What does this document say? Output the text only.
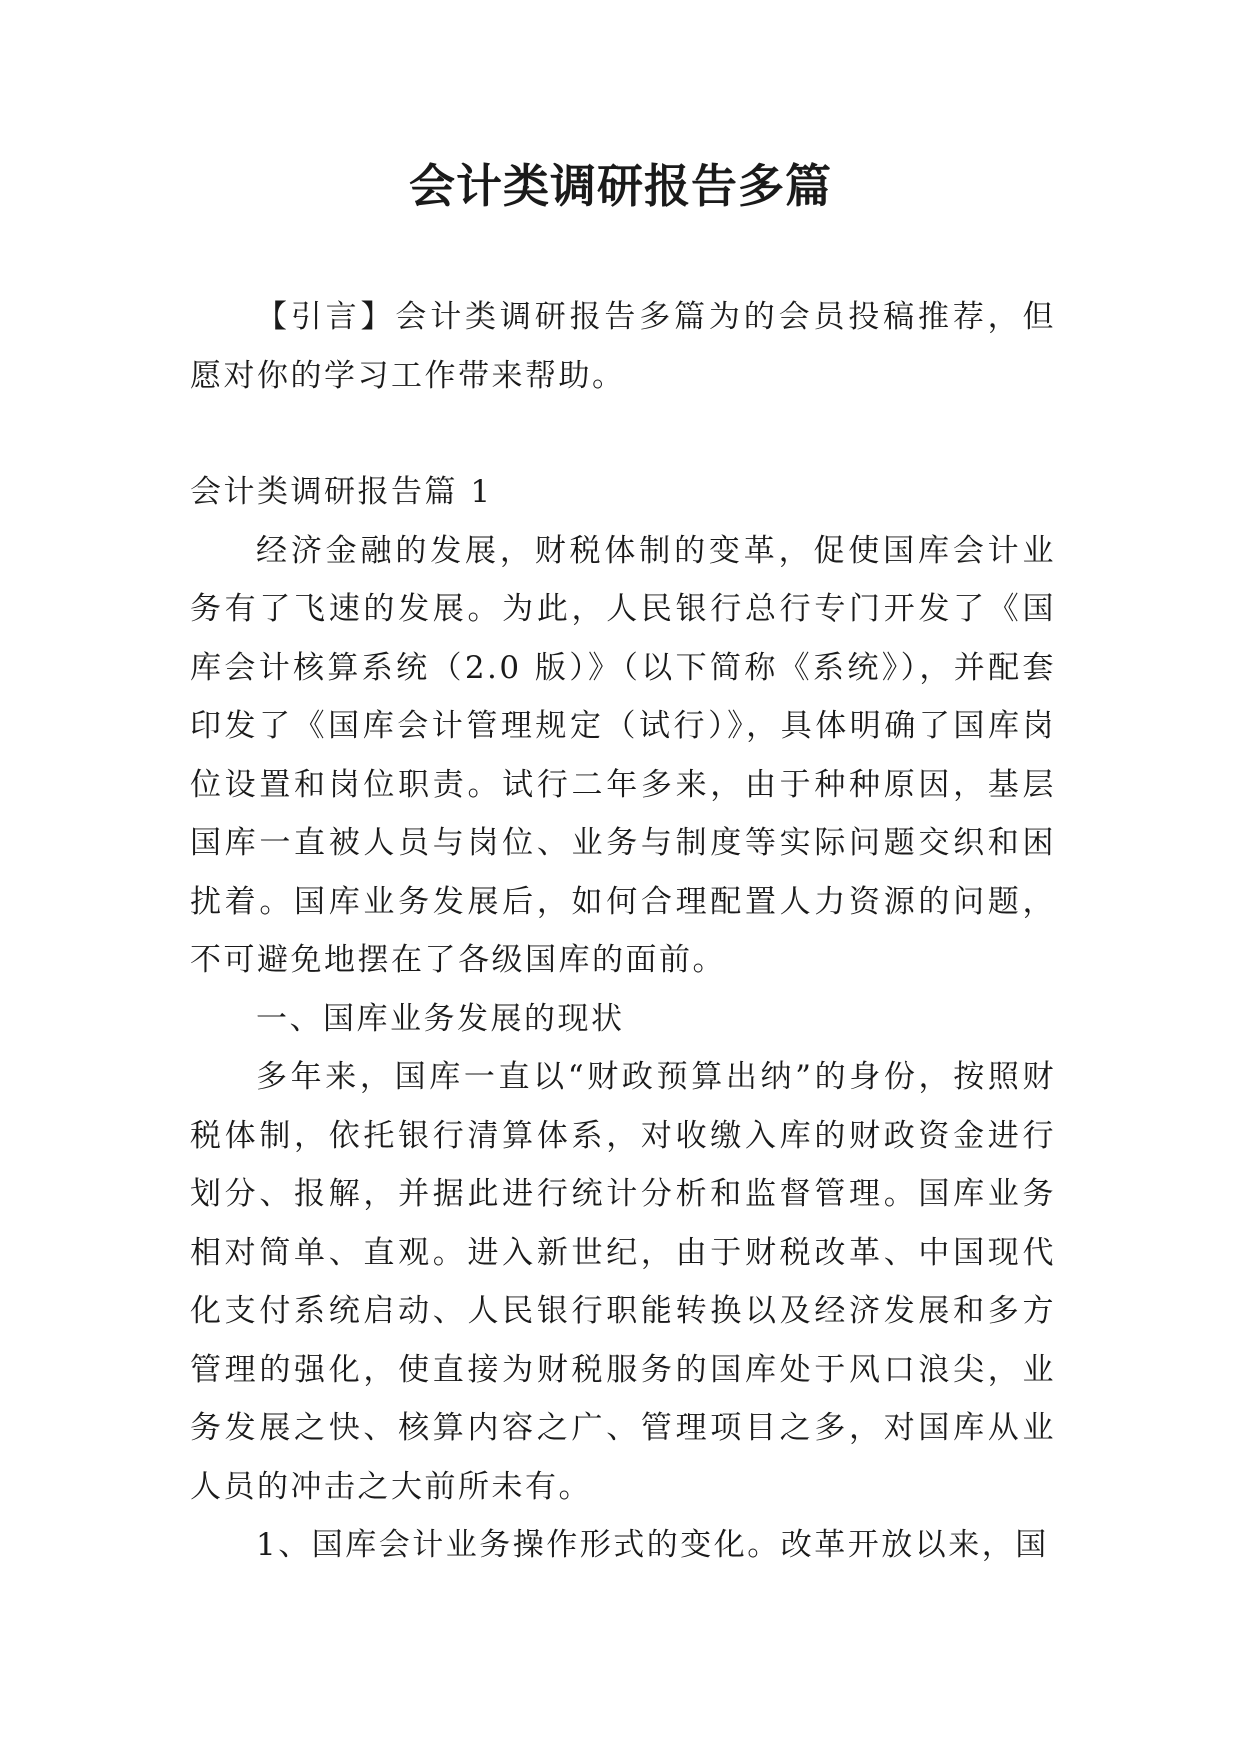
会计类调研报告多篇

【引言】会计类调研报告多篇为的会员投稿推荐，但愿对你的学习工作带来帮助。

会计类调研报告篇 1

经济金融的发展，财税体制的变革，促使国库会计业务有了飞速的发展。为此，人民银行总行专门开发了《国库会计核算系统（2.0 版）》（以下简称《系统》），并配套印发了《国库会计管理规定（试行）》，具体明确了国库岗位设置和岗位职责。试行二年多来，由于种种原因，基层国库一直被人员与岗位、业务与制度等实际问题交织和困扰着。国库业务发展后，如何合理配置人力资源的问题，不可避免地摆在了各级国库的面前。

一、国库业务发展的现状

多年来，国库一直以“财政预算出纳”的身份，按照财税体制，依托银行清算体系，对收缴入库的财政资金进行划分、报解，并据此进行统计分析和监督管理。国库业务相对简单、直观。进入新世纪，由于财税改革、中国现代化支付系统启动、人民银行职能转换以及经济发展和多方管理的强化，使直接为财税服务的国库处于风口浪尖，业务发展之快、核算内容之广、管理项目之多，对国库从业人员的冲击之大前所未有。

1、国库会计业务操作形式的变化。改革开放以来，国
